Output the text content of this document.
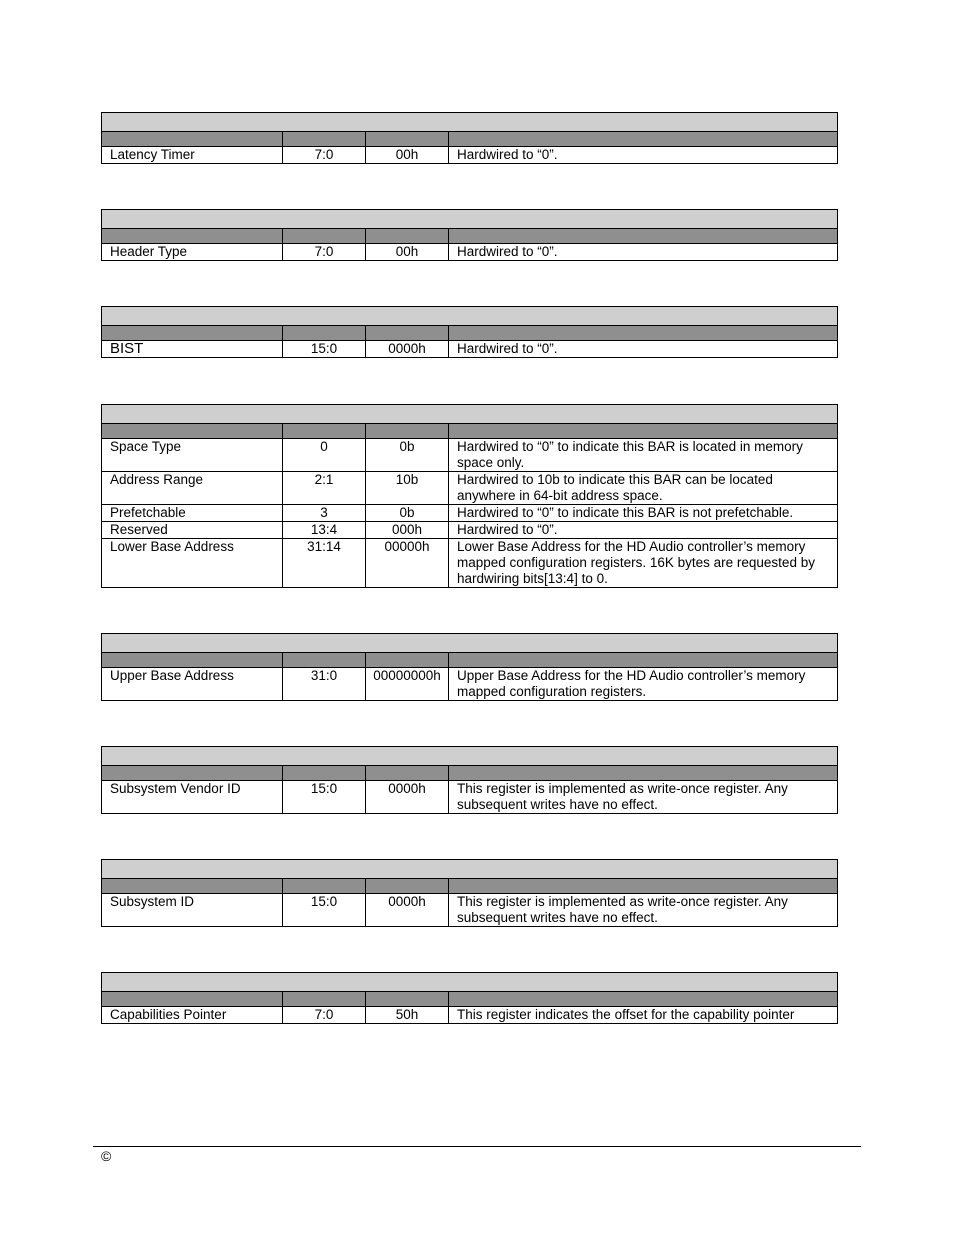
Latency Timer	7:0	00h	Hardwired to “0”.

Header Type	7:0	00h	Hardwired to “0”.

BIST	15:0	0000h	Hardwired to “0”.

Space Type	0	0b	Hardwired to “0” to indicate this BAR is located in memory space only.
Address Range	2:1	10b	Hardwired to 10b to indicate this BAR can be located anywhere in 64-bit address space.
Prefetchable	3	0b	Hardwired to “0” to indicate this BAR is not prefetchable.
Reserved	13:4	000h	Hardwired to “0”.
Lower Base Address	31:14	00000h	Lower Base Address for the HD Audio controller’s memory mapped configuration registers. 16K bytes are requested by hardwiring bits[13:4] to 0.

Upper Base Address	31:0	00000000h	Upper Base Address for the HD Audio controller’s memory mapped configuration registers.

Subsystem Vendor ID	15:0	0000h	This register is implemented as write-once register. Any subsequent writes have no effect.

Subsystem ID	15:0	0000h	This register is implemented as write-once register. Any subsequent writes have no effect.

Capabilities Pointer	7:0	50h	This register indicates the offset for the capability pointer
©
